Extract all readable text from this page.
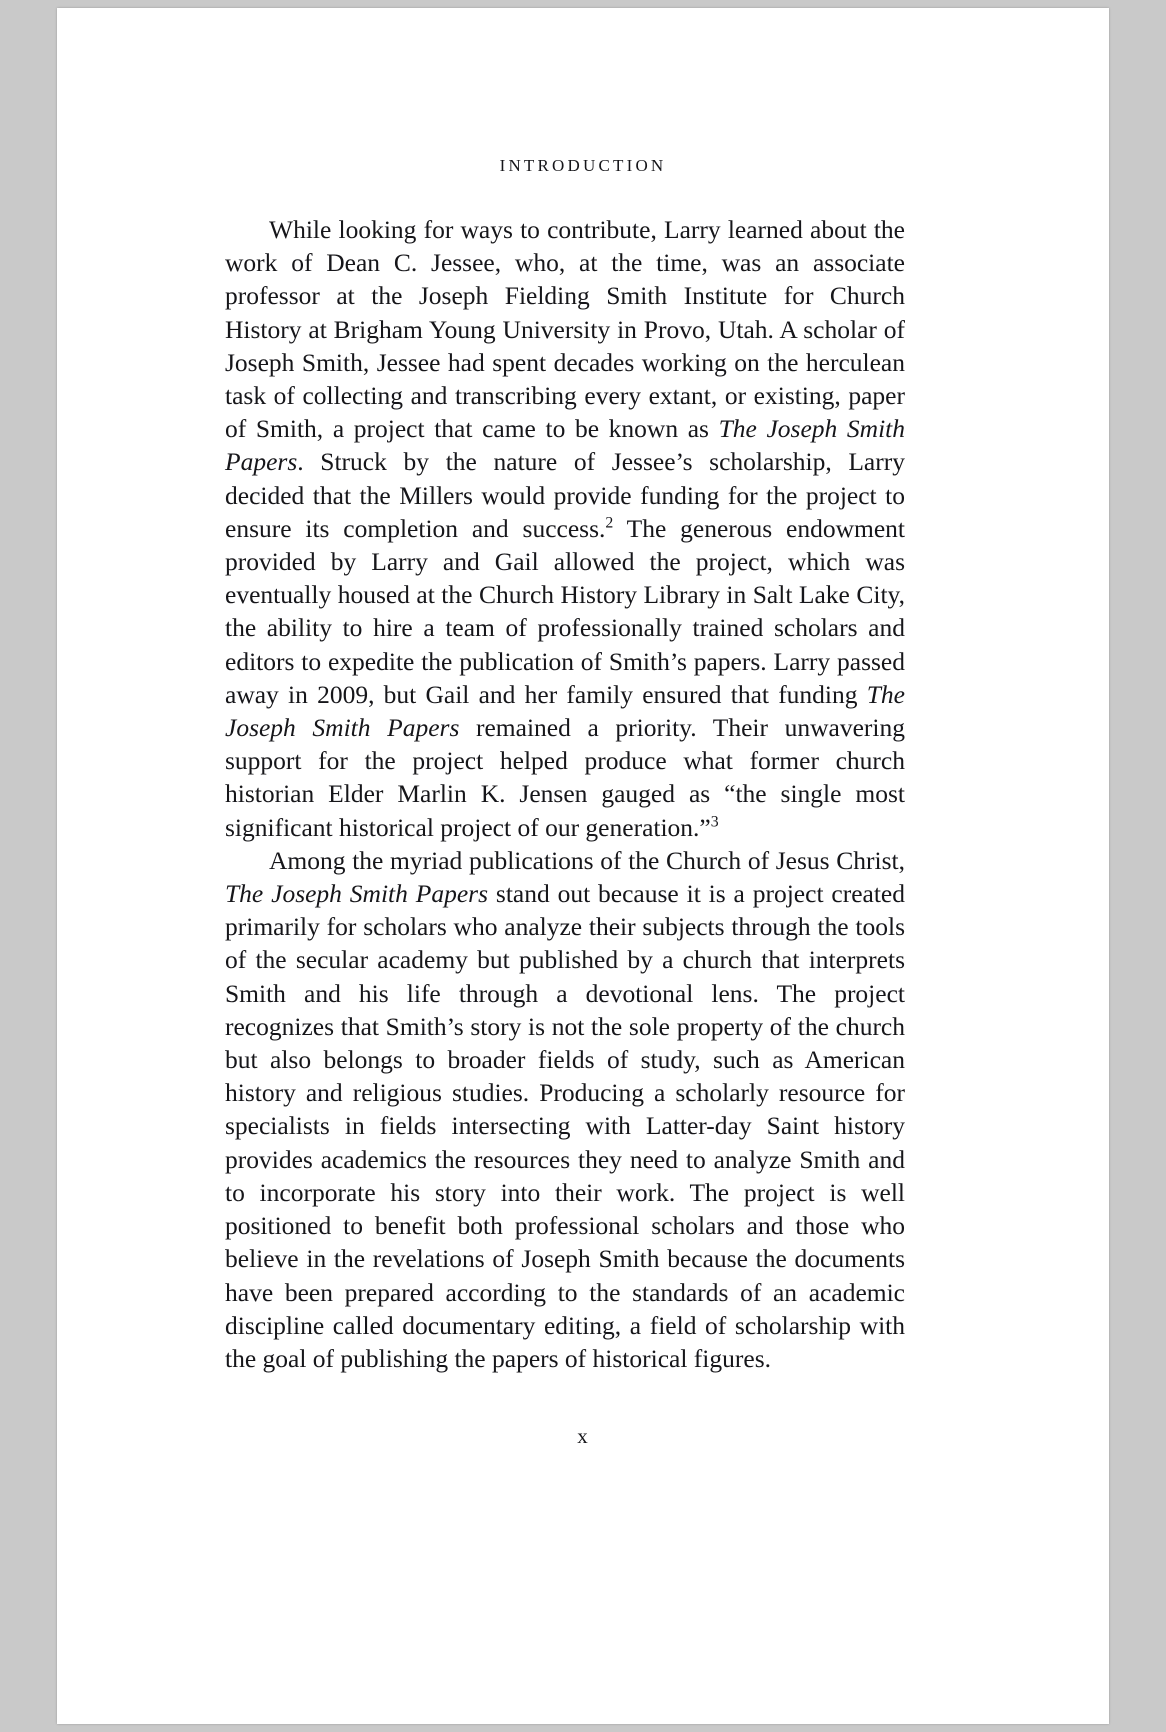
INTRODUCTION

While looking for ways to contribute, Larry learned about the work of Dean C. Jessee, who, at the time, was an associate professor at the Joseph Fielding Smith Institute for Church History at Brigham Young University in Provo, Utah. A scholar of Joseph Smith, Jessee had spent decades working on the herculean task of collecting and transcribing every extant, or existing, paper of Smith, a project that came to be known as The Joseph Smith Papers. Struck by the nature of Jessee’s scholarship, Larry decided that the Millers would provide funding for the project to ensure its completion and success.$^2$ The generous endowment provided by Larry and Gail allowed the project, which was eventually housed at the Church History Library in Salt Lake City, the ability to hire a team of professionally trained scholars and editors to expedite the publication of Smith’s papers. Larry passed away in 2009, but Gail and her family ensured that funding The Joseph Smith Papers remained a priority. Their unwavering support for the project helped produce what former church historian Elder Marlin K. Jensen gauged as “the single most significant historical project of our generation.”$^3$

Among the myriad publications of the Church of Jesus Christ, The Joseph Smith Papers stand out because it is a project created primarily for scholars who analyze their subjects through the tools of the secular academy but published by a church that interprets Smith and his life through a devotional lens. The project recognizes that Smith’s story is not the sole property of the church but also belongs to broader fields of study, such as American history and religious studies. Producing a scholarly resource for specialists in fields intersecting with Latter-day Saint history provides academics the resources they need to analyze Smith and to incorporate his story into their work. The project is well positioned to benefit both professional scholars and those who believe in the revelations of Joseph Smith because the documents have been prepared according to the standards of an academic discipline called documentary editing, a field of scholarship with the goal of publishing the papers of historical figures.

x
